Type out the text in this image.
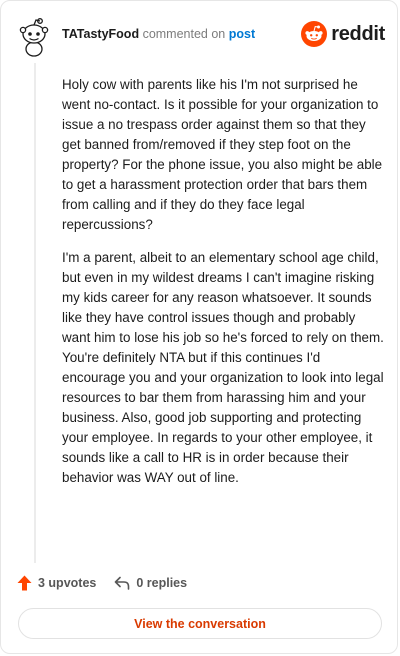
TATastyFood commented on post	reddit

Holy cow with parents like his I'm not surprised he went no-contact. Is it possible for your organization to issue a no trespass order against them so that they get banned from/removed if they step foot on the property? For the phone issue, you also might be able to get a harassment protection order that bars them from calling and if they do they face legal repercussions?

I'm a parent, albeit to an elementary school age child, but even in my wildest dreams I can't imagine risking my kids career for any reason whatsoever. It sounds like they have control issues though and probably want him to lose his job so he's forced to rely on them. You're definitely NTA but if this continues I'd encourage you and your organization to look into legal resources to bar them from harassing him and your business. Also, good job supporting and protecting your employee. In regards to your other employee, it sounds like a call to HR is in order because their behavior was WAY out of line.

3 upvotes	0 replies
View the conversation
